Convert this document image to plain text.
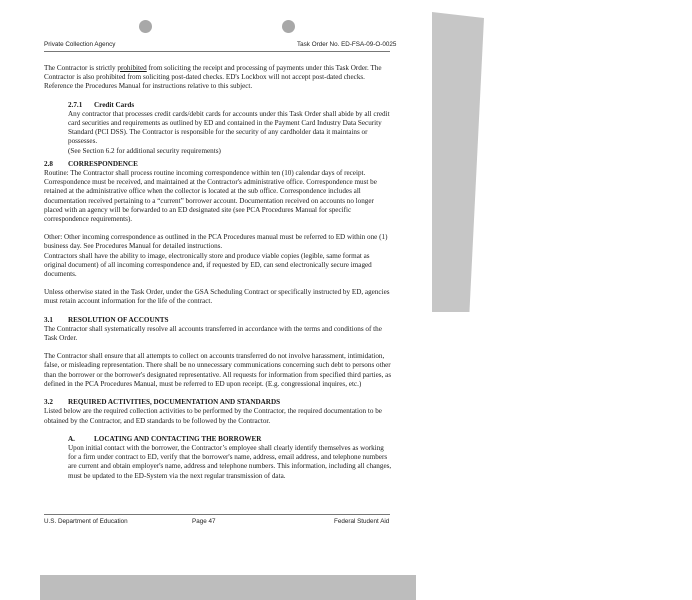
Private Collection Agency	Task Order No. ED-FSA-09-O-0025

The Contractor is strictly prohibited from soliciting the receipt and processing of payments under this Task Order. The Contractor is also prohibited from soliciting post-dated checks. ED's Lockbox will not accept post-dated checks. Reference the Procedures Manual for instructions relative to this subject.

2.7.1 Credit Cards

Any contractor that processes credit cards/debit cards for accounts under this Task Order shall abide by all credit card securities and requirements as outlined by ED and contained in the Payment Card Industry Data Security Standard (PCI DSS). The Contractor is responsible for the security of any cardholder data it maintains or possesses.

(See Section 6.2 for additional security requirements)

2.8 CORRESPONDENCE

Routine: The Contractor shall process routine incoming correspondence within ten (10) calendar days of receipt. Correspondence must be received, and maintained at the Contractor's administrative office. Correspondence must be retained at the administrative office when the collector is located at the sub office. Correspondence includes all documentation received pertaining to a “current” borrower account. Documentation received on accounts no longer placed with an agency will be forwarded to an ED designated site (see PCA Procedures Manual for specific correspondence requirements).

Other: Other incoming correspondence as outlined in the PCA Procedures manual must be referred to ED within one (1) business day. See Procedures Manual for detailed instructions.

Contractors shall have the ability to image, electronically store and produce viable copies (legible, same format as original document) of all incoming correspondence and, if requested by ED, can send electronically secure imaged documents.

Unless otherwise stated in the Task Order, under the GSA Scheduling Contract or specifically instructed by ED, agencies must retain account information for the life of the contract.

3.1 RESOLUTION OF ACCOUNTS

The Contractor shall systematically resolve all accounts transferred in accordance with the terms and conditions of the Task Order.

The Contractor shall ensure that all attempts to collect on accounts transferred do not involve harassment, intimidation, false, or misleading representation. There shall be no unnecessary communications concerning such debt to persons other than the borrower or the borrower's designated representative. All requests for information from specified third parties, as defined in the PCA Procedures Manual, must be referred to ED upon receipt. (E.g. congressional inquires, etc.)

3.2 REQUIRED ACTIVITIES, DOCUMENTATION AND STANDARDS

Listed below are the required collection activities to be performed by the Contractor, the required documentation to be obtained by the Contractor, and ED standards to be followed by the Contractor.

A.	LOCATING AND CONTACTING THE BORROWER

Upon initial contact with the borrower, the Contractor’s employee shall clearly identify themselves as working for a firm under contract to ED, verify that the borrower's name, address, email address, and telephone numbers are current and obtain employer's name, address and telephone numbers. This information, including all changes, must be updated to the ED-System via the next regular transmission of data.

U.S. Department of Education	Page 47	Federal Student Aid
